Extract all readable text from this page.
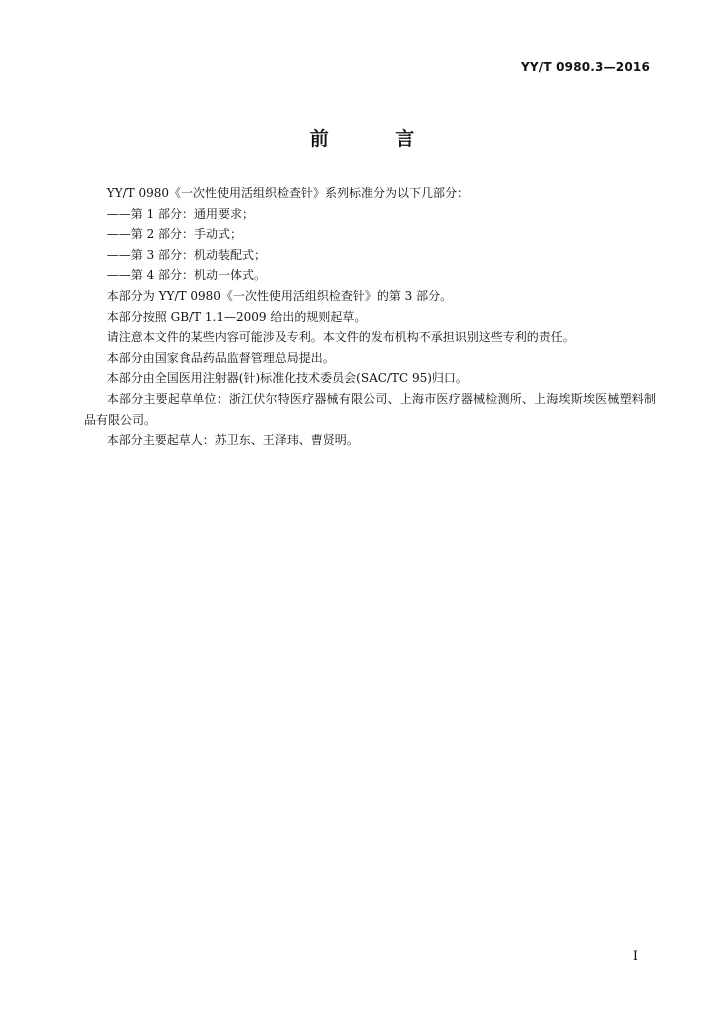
YY/T 0980.3—2016
前 言

YY/T 0980《一次性使用活组织检查针》系列标准分为以下几部分：

——第 1 部分：通用要求；

——第 2 部分：手动式；

——第 3 部分：机动装配式；

——第 4 部分：机动一体式。

本部分为 YY/T 0980《一次性使用活组织检查针》的第 3 部分。

本部分按照 GB/T 1.1—2009 给出的规则起草。

请注意本文件的某些内容可能涉及专利。本文件的发布机构不承担识别这些专利的责任。

本部分由国家食品药品监督管理总局提出。

本部分由全国医用注射器(针)标准化技术委员会(SAC/TC 95)归口。

本部分主要起草单位：浙江伏尔特医疗器械有限公司、上海市医疗器械检测所、上海埃斯埃医械塑料制品有限公司。

本部分主要起草人：苏卫东、王泽玮、曹贤明。

I
